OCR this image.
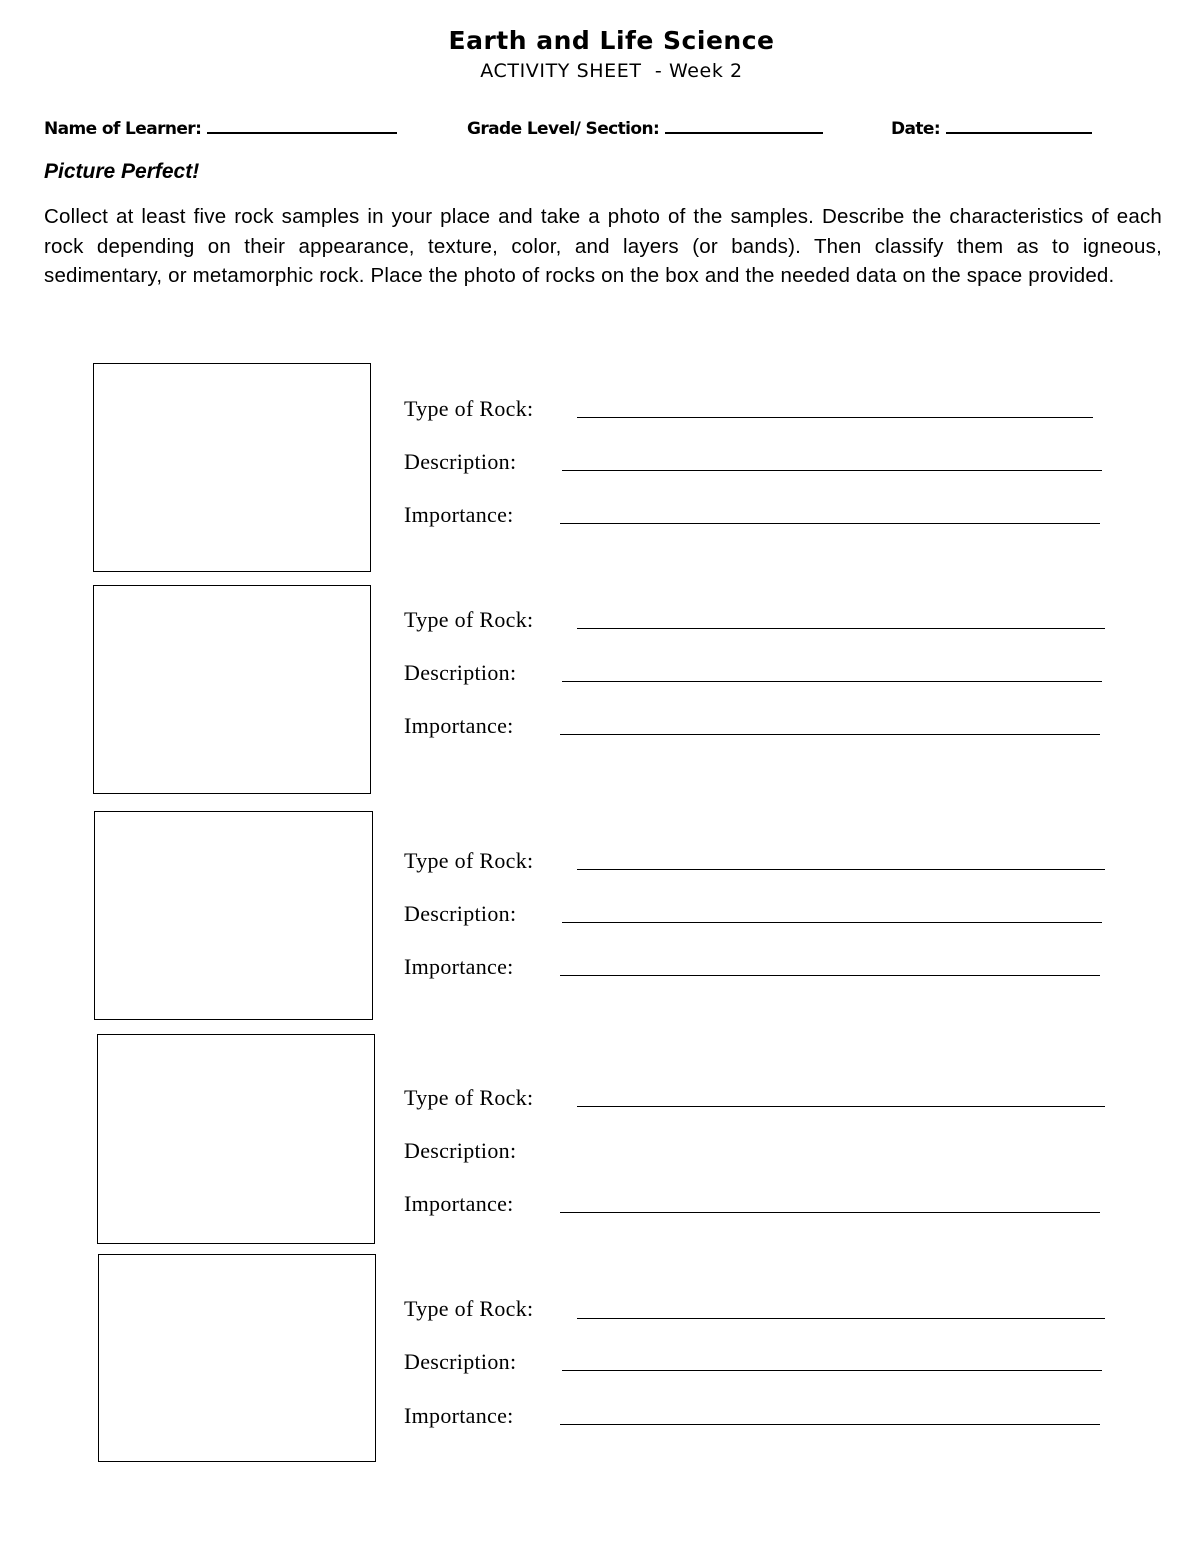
Earth and Life Science
ACTIVITY SHEET  - Week 2
Name of Learner:	Grade Level/ Section:	Date:
Picture Perfect!
Collect at least five rock samples in your place and take a photo of the samples. Describe the characteristics of each rock depending on their appearance, texture, color, and layers (or bands). Then classify them as to igneous, sedimentary, or metamorphic rock. Place the photo of rocks on the box and the needed data on the space provided.
Type of Rock:
Description:
Importance:
Type of Rock:
Description:
Importance:
Type of Rock:
Description:
Importance:
Type of Rock:
Description:
Importance:
Type of Rock:
Description:
Importance:
